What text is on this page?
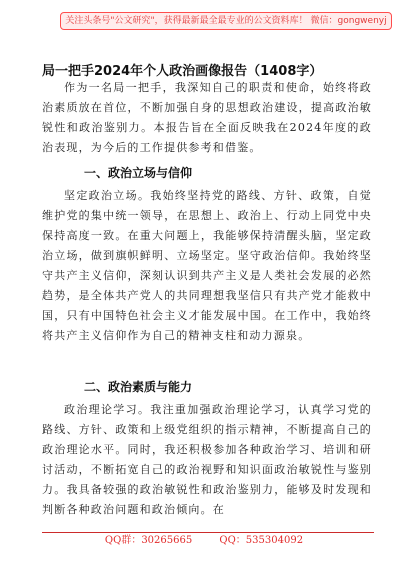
关注头条号"公文研究"，获得最新最全最专业的公文资料库！ 微信：gongwenyj
局一把手2024年个人政治画像报告（1408字）

作为一名局一把手，我深知自己的职责和使命，始终将政治素质放在首位，不断加强自身的思想政治建设，提高政治敏锐性和政治鉴别力。本报告旨在全面反映我在2024年度的政治表现，为今后的工作提供参考和借鉴。

一、政治立场与信仰

坚定政治立场。我始终坚持党的路线、方针、政策，自觉维护党的集中统一领导，在思想上、政治上、行动上同党中央保持高度一致。在重大问题上，我能够保持清醒头脑，坚定政治立场，做到旗帜鲜明、立场坚定。坚守政治信仰。我始终坚守共产主义信仰，深刻认识到共产主义是人类社会发展的必然趋势，是全体共产党人的共同理想我坚信只有共产党才能救中国，只有中国特色社会主义才能发展中国。在工作中，我始终将共产主义信仰作为自己的精神支柱和动力源泉。

二、政治素质与能力

政治理论学习。我注重加强政治理论学习，认真学习党的路线、方针、政策和上级党组织的指示精神，不断提高自己的政治理论水平。同时，我还积极参加各种政治学习、培训和研讨活动，不断拓宽自己的政治视野和知识面政治敏锐性与鉴别力。我具备较强的政治敏锐性和政治鉴别力，能够及时发现和判断各种政治问题和政治倾向。在

QQ群：30265665	QQ：535304092
